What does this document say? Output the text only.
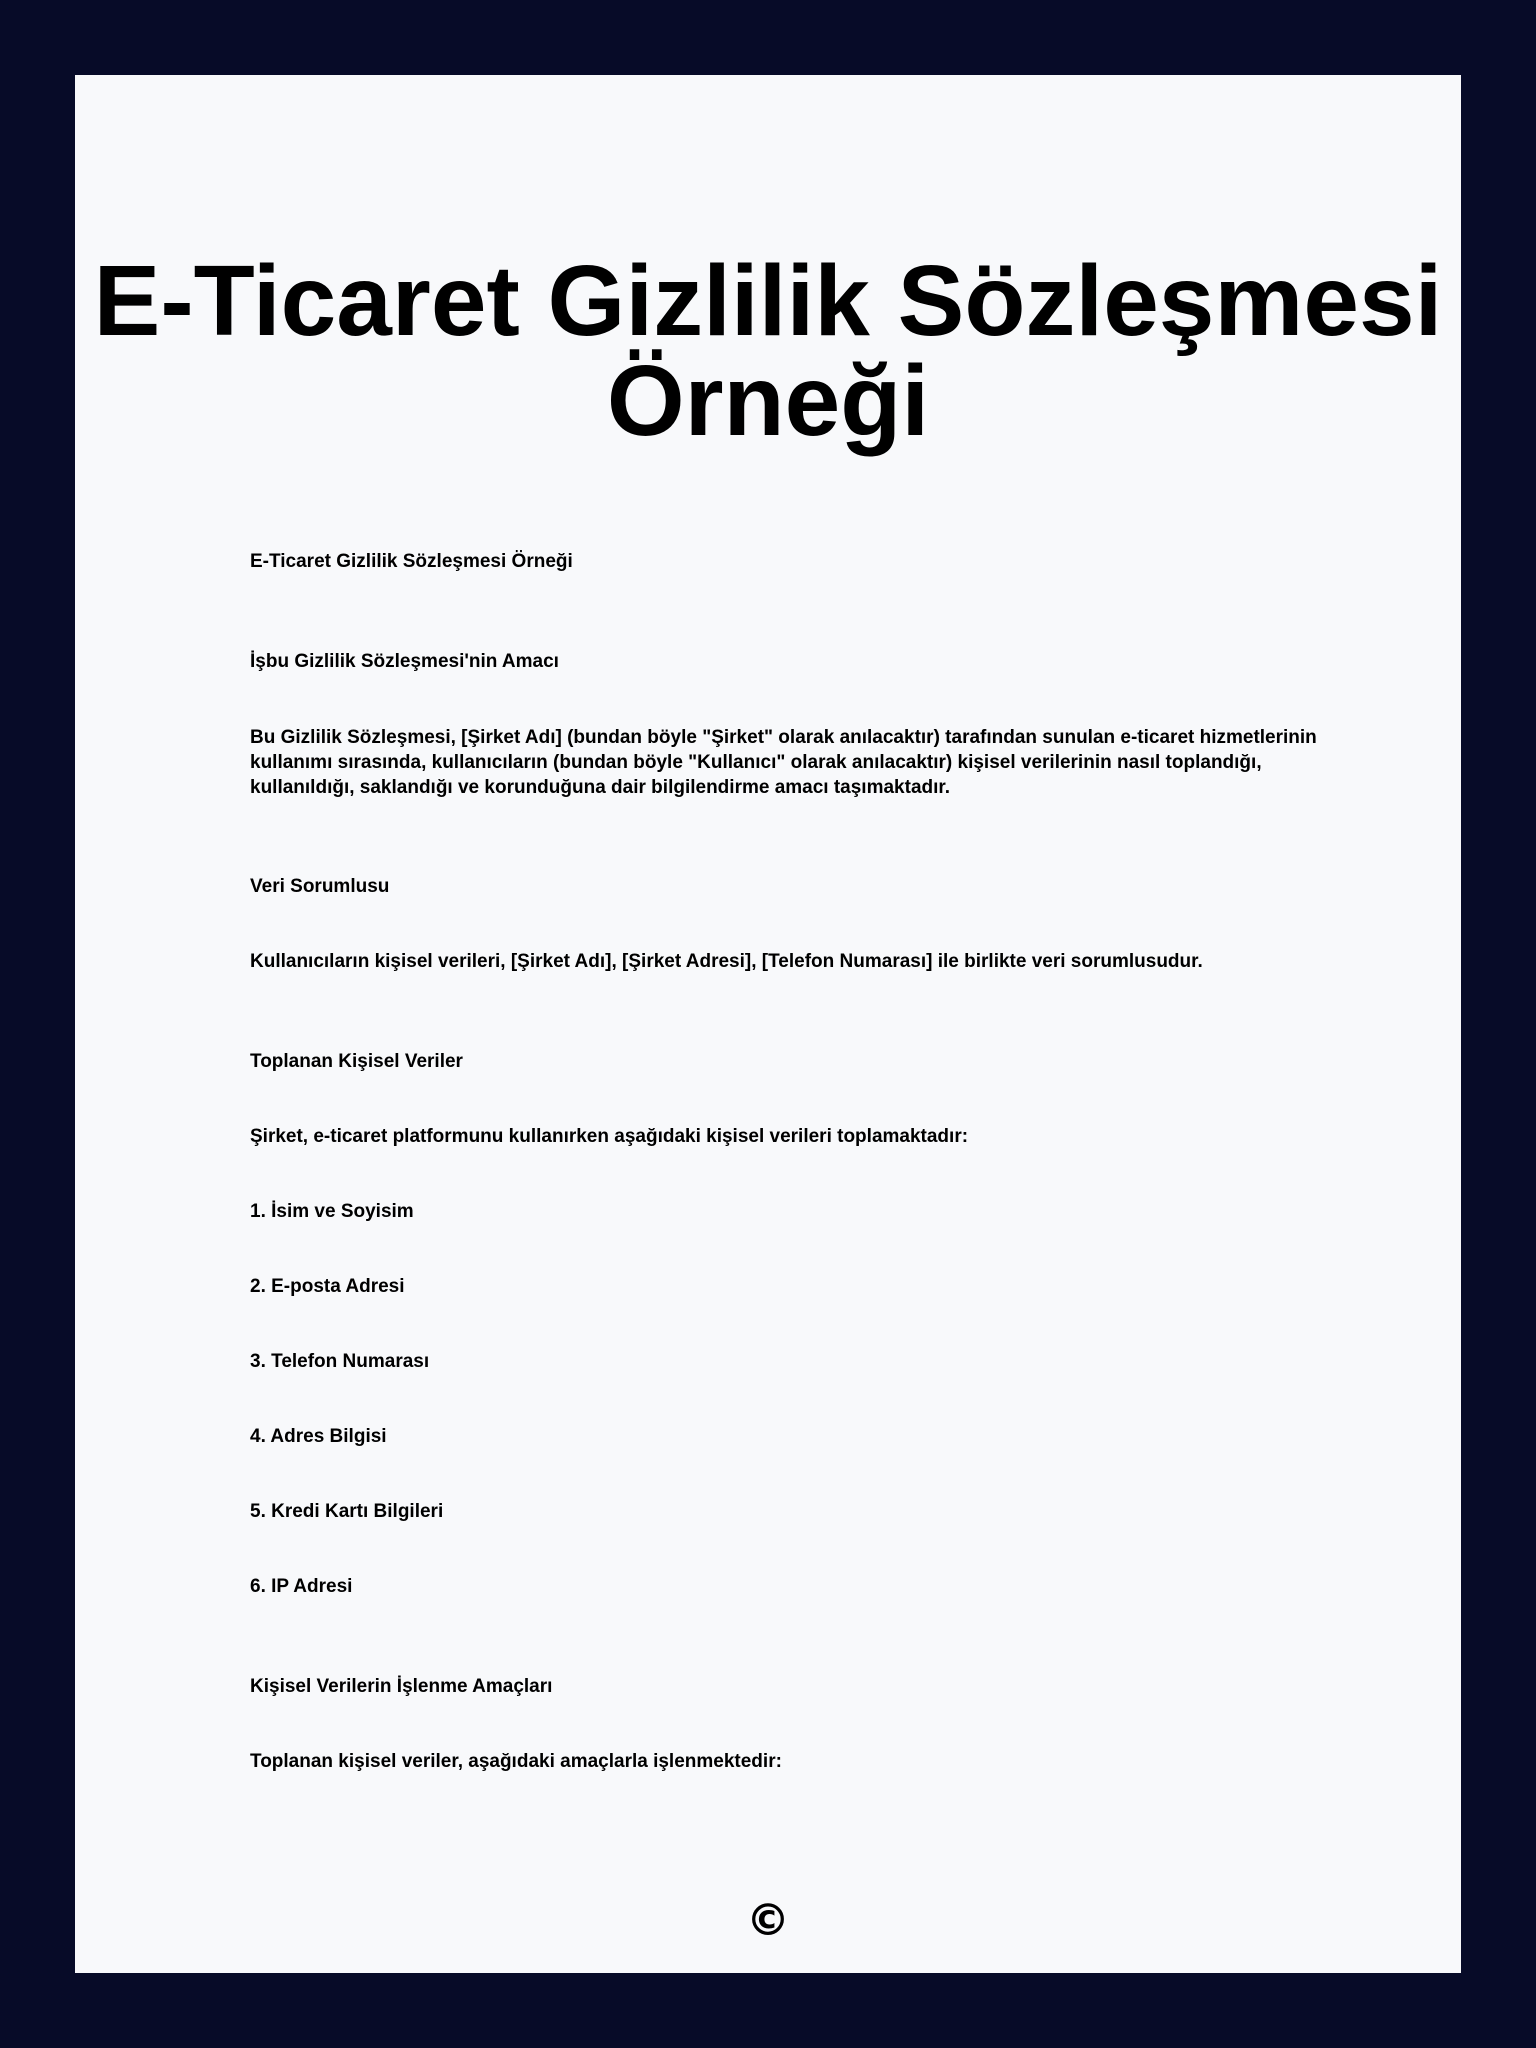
E-Ticaret Gizlilik Sözleşmesi Örneği

E-Ticaret Gizlilik Sözleşmesi Örneği

İşbu Gizlilik Sözleşmesi'nin Amacı

Bu Gizlilik Sözleşmesi, [Şirket Adı] (bundan böyle "Şirket" olarak anılacaktır) tarafından sunulan e-ticaret hizmetlerinin kullanımı sırasında, kullanıcıların (bundan böyle "Kullanıcı" olarak anılacaktır) kişisel verilerinin nasıl toplandığı, kullanıldığı, saklandığı ve korunduğuna dair bilgilendirme amacı taşımaktadır.

Veri Sorumlusu

Kullanıcıların kişisel verileri, [Şirket Adı], [Şirket Adresi], [Telefon Numarası] ile birlikte veri sorumlusudur.

Toplanan Kişisel Veriler

Şirket, e-ticaret platformunu kullanırken aşağıdaki kişisel verileri toplamaktadır:

1. İsim ve Soyisim

2. E-posta Adresi

3. Telefon Numarası

4. Adres Bilgisi

5. Kredi Kartı Bilgileri

6. IP Adresi

Kişisel Verilerin İşlenme Amaçları

Toplanan kişisel veriler, aşağıdaki amaçlarla işlenmektedir:

©
